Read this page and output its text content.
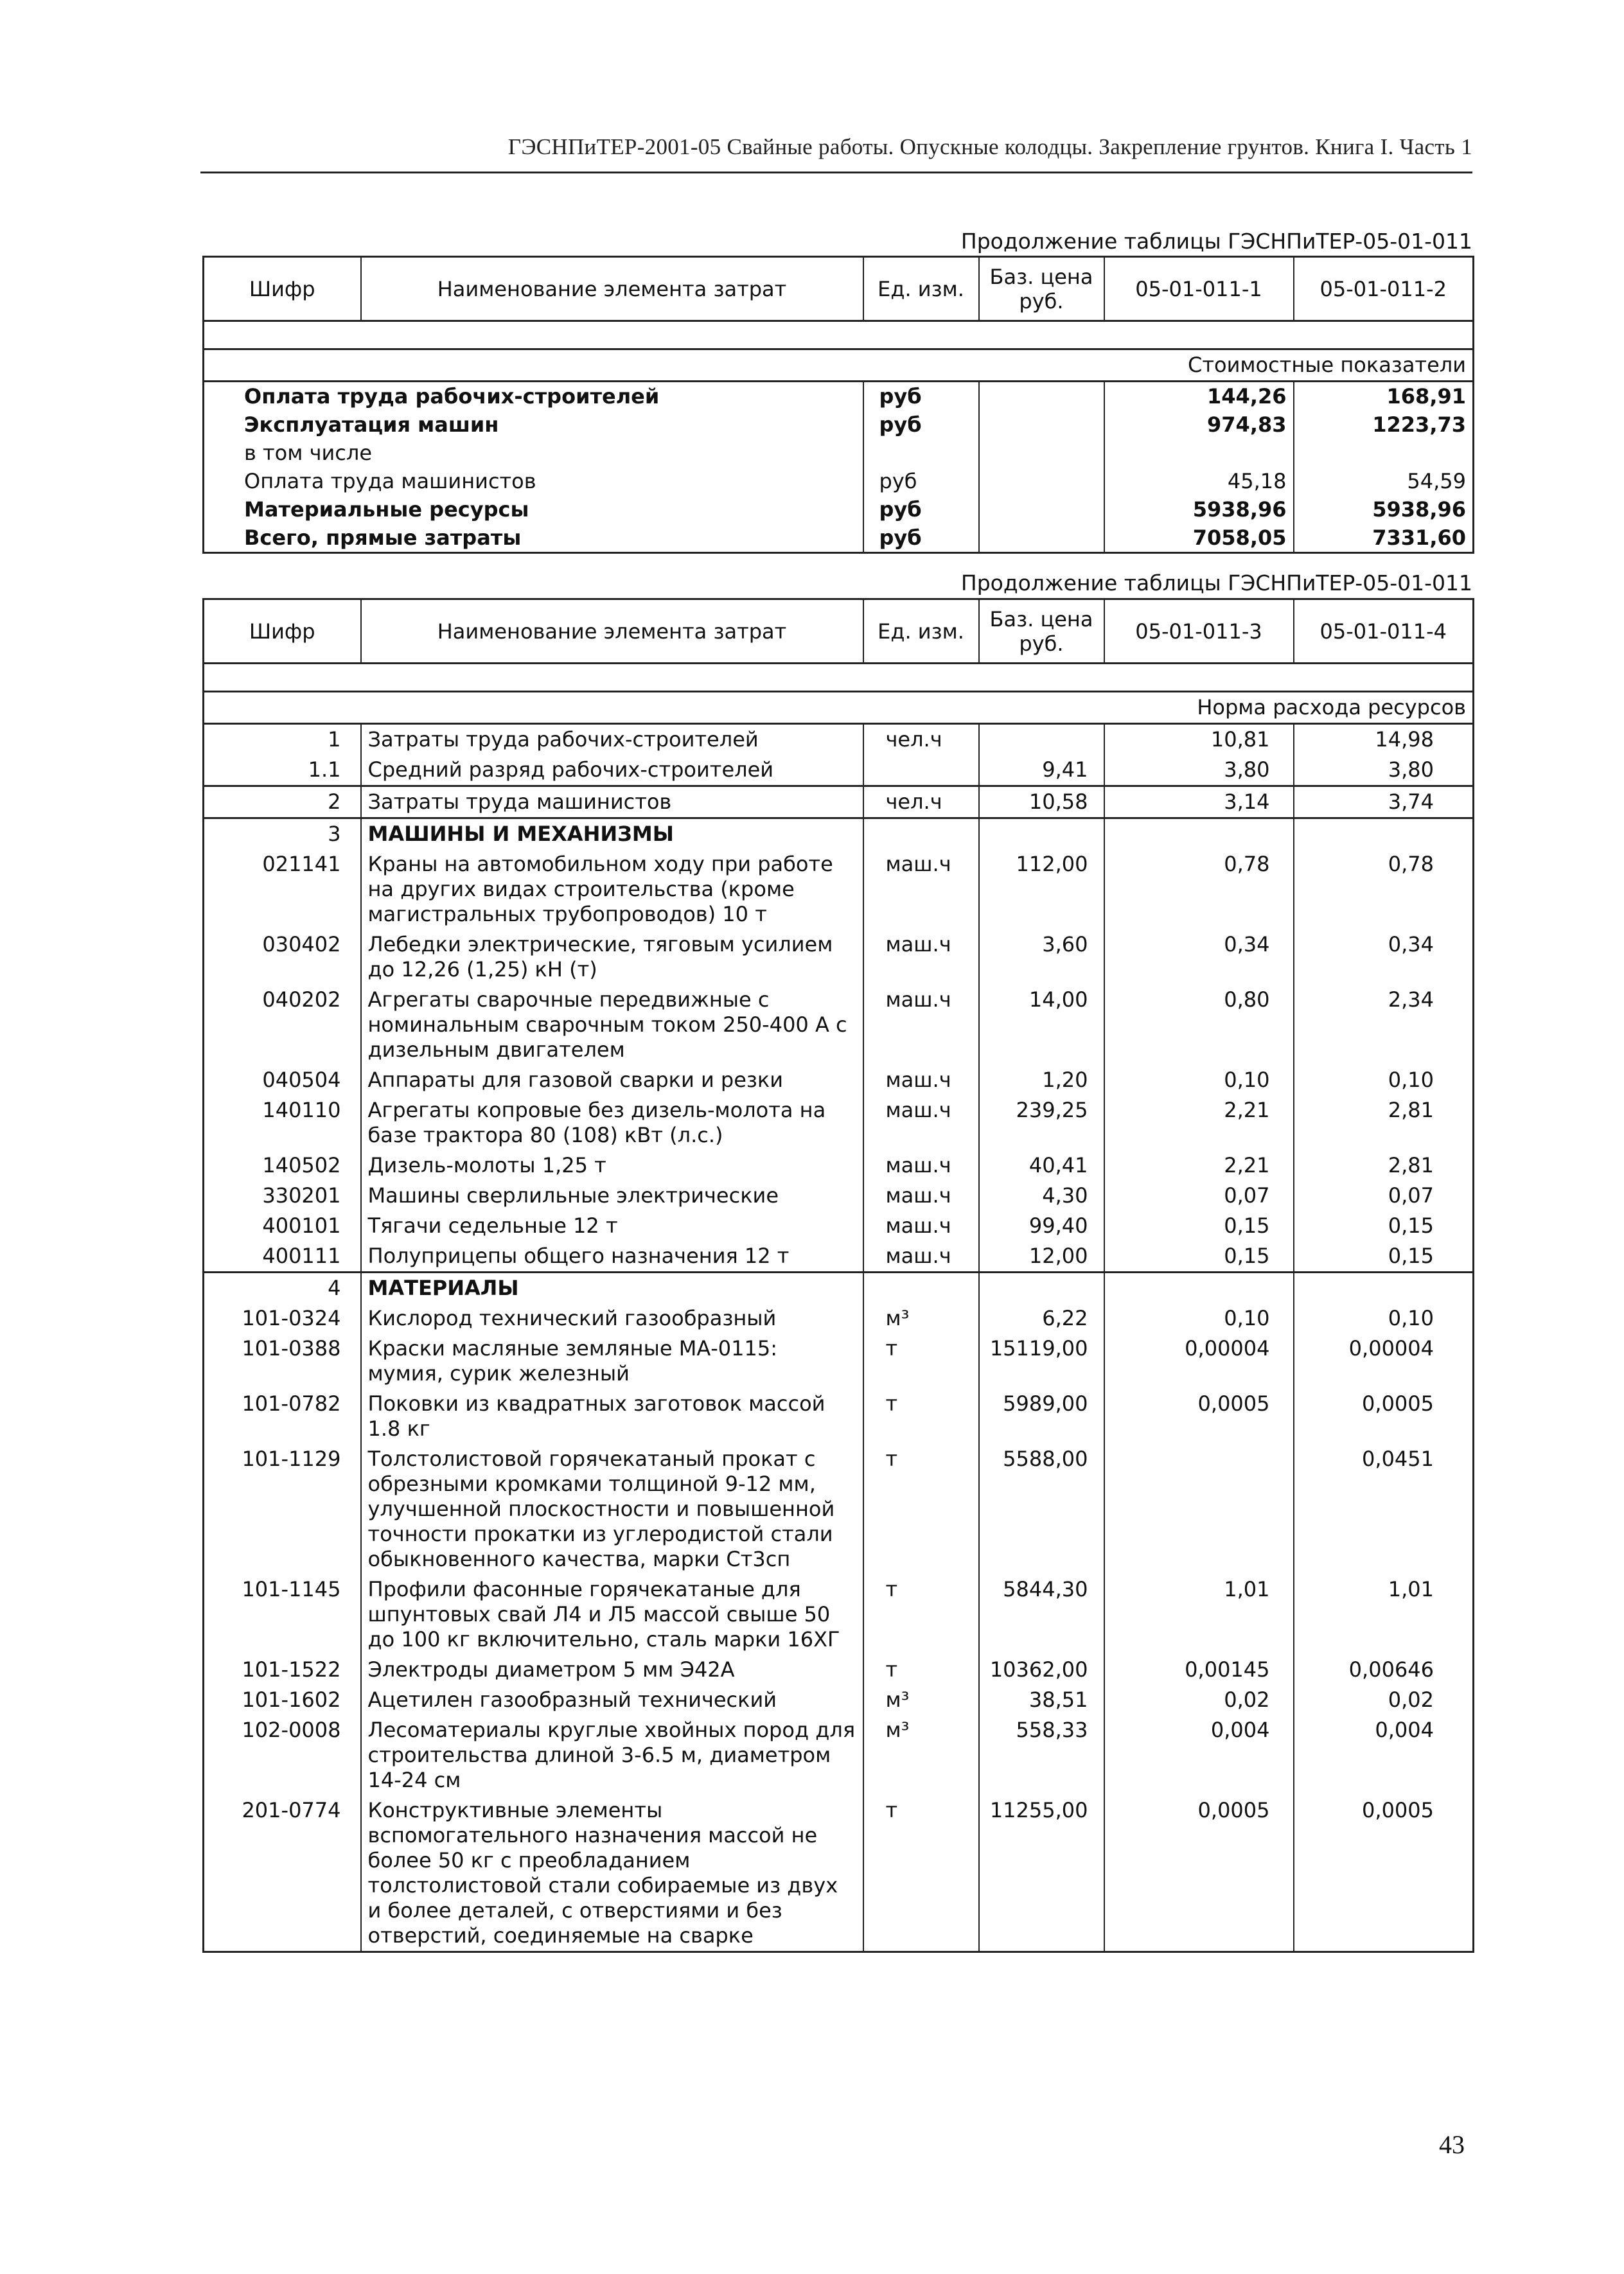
ГЭСНПиТЕР-2001-05 Свайные работы. Опускные колодцы. Закрепление грунтов. Книга I. Часть 1
Продолжение таблицы ГЭСНПиТЕР-05-01-011
Шифр	Наименование элемента затрат	Ед. изм.	Баз. цена руб.	05-01-011-1	05-01-011-2

Стоимостные показатели					
Оплата труда рабочих-строителей		руб		144,26	168,91
Эксплуатация машин		руб		974,83	1223,73
в том числе					
Оплата труда машинистов		руб		45,18	54,59
Материальные ресурсы		руб		5938,96	5938,96
Всего, прямые затраты		руб		7058,05	7331,60
Продолжение таблицы ГЭСНПиТЕР-05-01-011
Шифр	Наименование элемента затрат	Ед. изм.	Баз. цена руб.	05-01-011-3	05-01-011-4

Норма расхода ресурсов					
1	Затраты труда рабочих-строителей	чел.ч		10,81	14,98
1.1	Средний разряд рабочих-строителей		9,41	3,80	3,80
2	Затраты труда машинистов	чел.ч	10,58	3,14	3,74
3	МАШИНЫ И МЕХАНИЗМЫ				
021141	Краны на автомобильном ходу при работе на других видах строительства (кроме магистральных трубопроводов) 10 т	маш.ч	112,00	0,78	0,78
030402	Лебедки электрические, тяговым усилием до 12,26 (1,25) кН (т)	маш.ч	3,60	0,34	0,34
040202	Агрегаты сварочные передвижные с номинальным сварочным током 250-400 А с дизельным двигателем	маш.ч	14,00	0,80	2,34
040504	Аппараты для газовой сварки и резки	маш.ч	1,20	0,10	0,10
140110	Агрегаты копровые без дизель-молота на базе трактора 80 (108) кВт (л.с.)	маш.ч	239,25	2,21	2,81
140502	Дизель-молоты 1,25 т	маш.ч	40,41	2,21	2,81
330201	Машины сверлильные электрические	маш.ч	4,30	0,07	0,07
400101	Тягачи седельные 12 т	маш.ч	99,40	0,15	0,15
400111	Полуприцепы общего назначения 12 т	маш.ч	12,00	0,15	0,15
4	МАТЕРИАЛЫ				
101-0324	Кислород технический газообразный	м³	6,22	0,10	0,10
101-0388	Краски масляные земляные МА-0115: мумия, сурик железный	т	15119,00	0,00004	0,00004
101-0782	Поковки из квадратных заготовок массой 1.8 кг	т	5989,00	0,0005	0,0005
101-1129	Толстолистовой горячекатаный прокат с обрезными кромками толщиной 9-12 мм, улучшенной плоскостности и повышенной точности прокатки из углеродистой стали обыкновенного качества, марки Ст3сп	т	5588,00		0,0451
101-1145	Профили фасонные горячекатаные для шпунтовых свай Л4 и Л5 массой свыше 50 до 100 кг включительно, сталь марки 16ХГ	т	5844,30	1,01	1,01
101-1522	Электроды диаметром 5 мм Э42А	т	10362,00	0,00145	0,00646
101-1602	Ацетилен газообразный технический	м³	38,51	0,02	0,02
102-0008	Лесоматериалы круглые хвойных пород для строительства длиной 3-6.5 м, диаметром 14-24 см	м³	558,33	0,004	0,004
201-0774	Конструктивные элементы вспомогательного назначения массой не более 50 кг с преобладанием толстолистовой стали собираемые из двух и более деталей, с отверстиями и без отверстий, соединяемые на сварке	т	11255,00	0,0005	0,0005
43
